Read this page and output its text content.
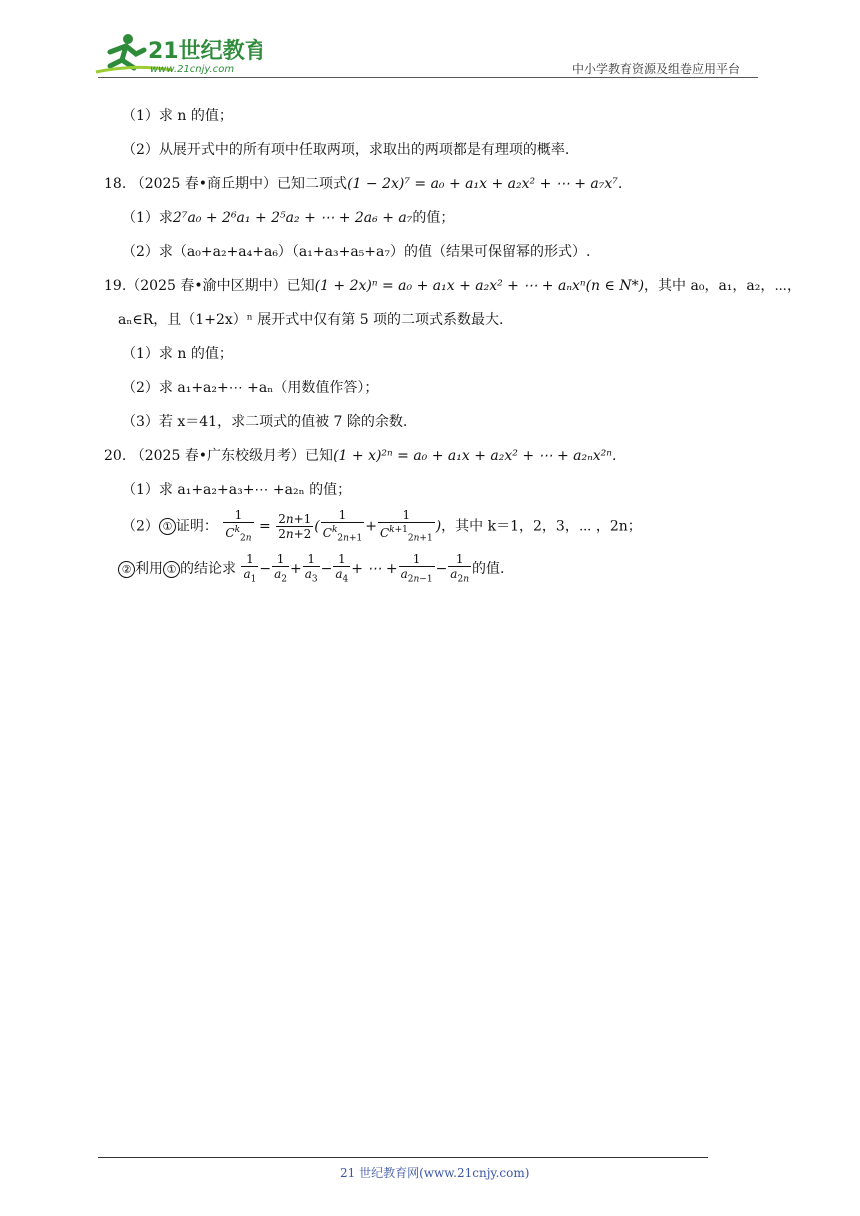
21世纪教育
www.21cnjy.com	中小学教育资源及组卷应用平台
（1）求 n 的值；
（2）从展开式中的所有项中任取两项，求取出的两项都是有理项的概率.
18. （2025 春•商丘期中）已知二项式(1 − 2x)⁷ = a₀ + a₁x + a₂x² + ⋯ + a₇x⁷.
（1）求2⁷a₀ + 2⁶a₁ + 2⁵a₂ + ⋯ + 2a₆ + a₇的值；
（2）求（a₀+a₂+a₄+a₆）（a₁+a₃+a₅+a₇）的值（结果可保留幂的形式）.
19.（2025 春•渝中区期中）已知(1 + 2x)ⁿ = a₀ + a₁x + a₂x² + ⋯ + aₙxⁿ(n ∈ N*)，其中 a₀，a₁，a₂，⋯，
aₙ∈R，且（1+2x）ⁿ 展开式中仅有第 5 项的二项式系数最大.
（1）求 n 的值；
（2）求 a₁+a₂+⋯ +aₙ（用数值作答）；
（3）若 x＝41，求二项式的值被 7 除的余数.
20. （2025 春•广东校级月考）已知(1 + x)²ⁿ = a₀ + a₁x + a₂x² + ⋯ + a₂ₙx²ⁿ.
（1）求 a₁+a₂+a₃+⋯ +a₂ₙ 的值；
（2） ① 证明： $\frac{1}{C^k_{2n}} = \frac{2n+1}{2n+2}$ ( $\frac{1}{C^k_{2n+1}} + \frac{1}{C^{k+1}_{2n+1}}$ )，其中 k＝1，2，3，⋯ ，2n；
② 利用 ① 的结论求 $\frac{1}{a_1} - \frac{1}{a_2} + \frac{1}{a_3} - \frac{1}{a_4}$ + ⋯ + $\frac{1}{a_{2n-1}} - \frac{1}{a_{2n}}$ 的值.
21 世纪教育网(www.21cnjy.com)
